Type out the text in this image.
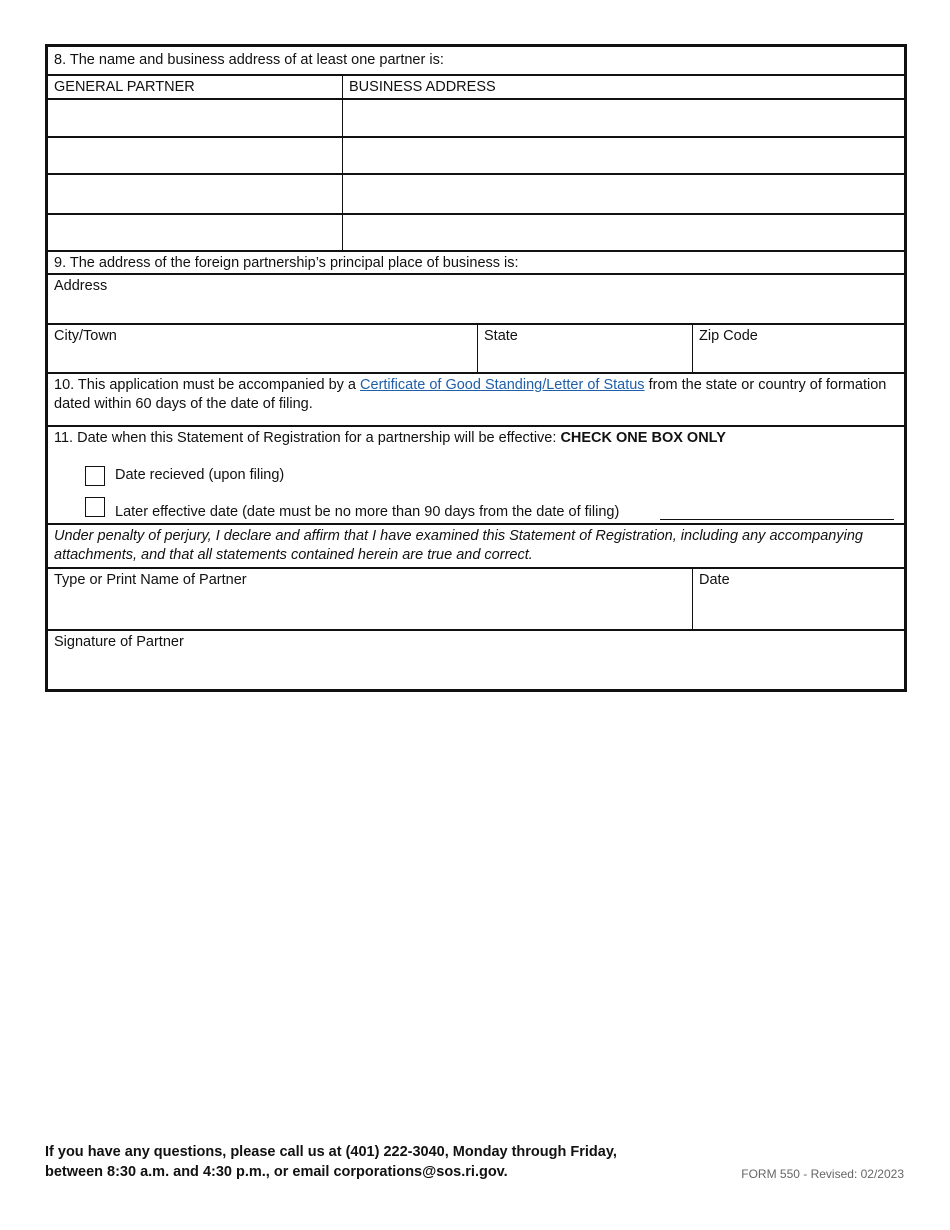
8. The name and business address of at least one partner is:
GENERAL PARTNER	BUSINESS ADDRESS
9. The address of the foreign partnership’s principal place of business is:
Address
City/Town	State	Zip Code
10. This application must be accompanied by a Certificate of Good Standing/Letter of Status from the state or country of formation dated within 60 days of the date of filing.
11. Date when this Statement of Registration for a partnership will be effective: CHECK ONE BOX ONLY
Date recieved (upon filing)
Later effective date (date must be no more than 90 days from the date of filing)
Under penalty of perjury, I declare and affirm that I have examined this Statement of Registration, including any accompanying attachments, and that all statements contained herein are true and correct.
Type or Print Name of Partner	Date
Signature of Partner
If you have any questions, please call us at (401) 222-3040, Monday through Friday,
between 8:30 a.m. and 4:30 p.m., or email corporations@sos.ri.gov.	FORM 550 - Revised: 02/2023
